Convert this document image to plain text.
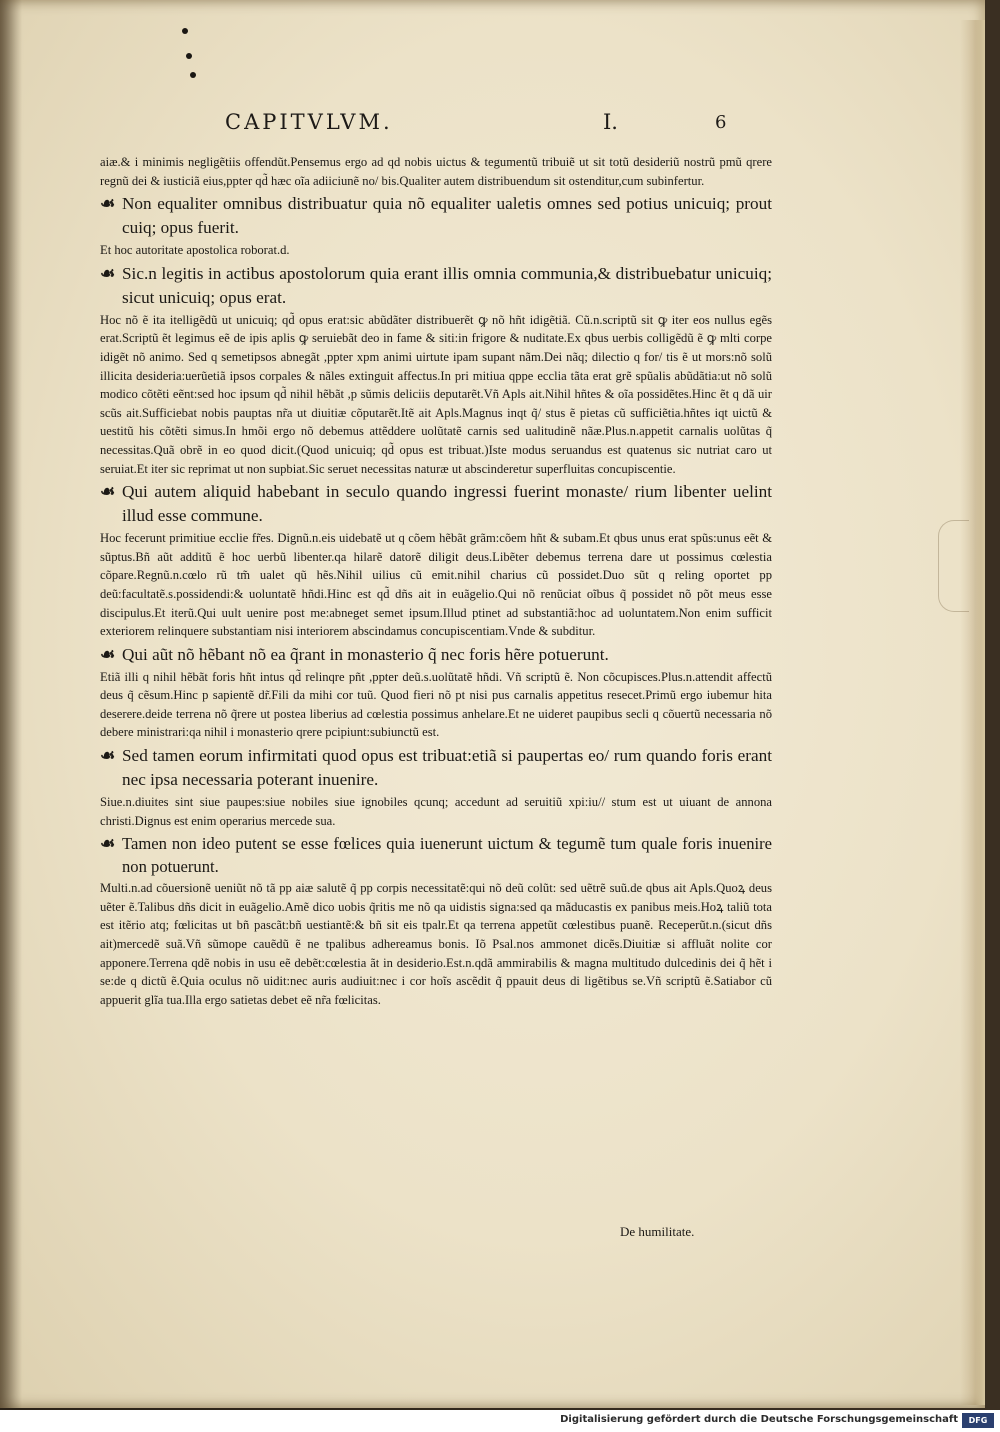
CAPITVLVM.	I.	6

aiæ.& i minimis negligẽtiis offendũt.Pensemus ergo ad qd nobis uictus & tegumentũ tribuiẽ ut sit totũ desideriũ nostrũ pmũ qrere regnũ dei & iusticiã eius,ppter qd̃ hæc oĩa adiiciunẽ no/ bis.Qualiter autem distribuendum sit ostenditur,cum subinfertur.

☙ Non equaliter omnibus distribuatur quia nõ equaliter ualetis omnes sed potius unicuiq; prout cuiq; opus fuerit.

Et hoc autoritate apostolica roborat.d.

☙ Sic.n legitis in actibus apostolorum quia erant illis omnia communia,& distribuebatur unicuiq; sicut unicuiq; opus erat.

Hoc nõ ẽ ita itelligẽdũ ut unicuiq; qd̃ opus erat:sic abũdãter distribuerẽt ꝙ nõ hñt idigẽtiã. Cũ.n.scriptũ sit ꝙ iter eos nullus egẽs erat.Scriptũ ẽt legimus eẽ de ipis aplis ꝙ seruiebãt deo in fame & siti:in frigore & nuditate.Ex qbus uerbis colligẽdũ ẽ ꝙ mlti corpe idigẽt nõ animo. Sed q semetipsos abnegãt ,ppter xpm animi uirtute ipam supant nãm.Dei nãq; dilectio q for/ tis ẽ ut mors:nõ solũ illicita desideria:uerũetiã ipsos corpales & nãles extinguit affectus.In pri mitiua qppe ecclia tãta erat grẽ spũalis abũdãtia:ut nõ solũ modico cõtẽti eẽnt:sed hoc ipsum qd̃ nihil hẽbãt ,p sũmis deliciis deputarẽt.Vñ Apls ait.Nihil hñtes & oĩa possidẽtes.Hinc ẽt q dã uir scũs ait.Sufficiebat nobis pauptas nr̃a ut diuitiæ cõputarẽt.Itẽ ait Apls.Magnus inqt q̃/ stus ẽ pietas cũ sufficiẽtia.hñtes iqt uictũ & uestitũ his cõtẽti simus.In hmõi ergo nõ debemus attẽddere uolũtatẽ carnis sed ualitudinẽ nãæ.Plus.n.appetit carnalis uolũtas q̃ necessitas.Quã obrẽ in eo quod dicit.(Quod unicuiq; qd̃ opus est tribuat.)Iste modus seruandus est quatenus sic nutriat caro ut seruiat.Et iter sic reprimat ut non supbiat.Sic seruet necessitas naturæ ut abscinderetur superfluitas concupiscentie.

☙ Qui autem aliquid habebant in seculo quando ingressi fuerint monaste/ rium libenter uelint illud esse commune.

Hoc fecerunt primitiue ecclie fr̃es. Dignũ.n.eis uidebatẽ ut q cõem hẽbãt grãm:cõem hñt & subam.Et qbus unus erat spũs:unus eẽt & sũptus.Bñ aũt additũ ẽ hoc uerbũ libenter.qa hilarẽ datorẽ diligit deus.Libẽter debemus terrena dare ut possimus cœlestia cõpare.Regnũ.n.cœlo rũ tm̃ ualet qũ hẽs.Nihil uilius cũ emit.nihil charius cũ possidet.Duo sũt q reling oportet pp deũ:facultatẽ.s.possidendi:& uoluntatẽ hñdi.Hinc est qd̃ dñs ait in euãgelio.Qui nõ renũciat oĩbus q̃ possidet nõ põt meus esse discipulus.Et iterũ.Qui uult uenire post me:abneget semet ipsum.Illud ptinet ad substantiã:hoc ad uoluntatem.Non enim sufficit exteriorem relinquere substantiam nisi interiorem abscindamus concupiscentiam.Vnde & subditur.

☙ Qui aũt nõ hẽbant nõ ea q̃rant in monasterio q̃ nec foris hẽre potuerunt.

Etiã illi q nihil hẽbãt foris hñt intus qd̃ relinqre pñt ,ppter deũ.s.uolũtatẽ hñdi. Vñ scriptũ ẽ. Non cõcupisces.Plus.n.attendit affectũ deus q̃ cẽsum.Hinc p sapientẽ dr̃.Fili da mihi cor tuũ. Quod fieri nõ pt nisi pus carnalis appetitus resecet.Primũ ergo iubemur hita deserere.deide terrena nõ q̃rere ut postea liberius ad cœlestia possimus anhelare.Et ne uideret paupibus secli q cõuertũ necessaria nõ debere ministrari:qa nihil i monasterio qrere pcipiunt:subiunctũ est.

☙ Sed tamen eorum infirmitati quod opus est tribuat:etiã si paupertas eo/ rum quando foris erant nec ipsa necessaria poterant inuenire.

Siue.n.diuites sint siue paupes:siue nobiles siue ignobiles qcunq; accedunt ad seruitiũ xpi:iu// stum est ut uiuant de annona christi.Dignus est enim operarius mercede sua.

☙ Tamen non ideo putent se esse fœlices quia iuenerunt uictum & tegumẽ tum quale foris inuenire non potuerunt.

Multi.n.ad cõuersionẽ ueniũt nõ tã pp aiæ salutẽ q̃ pp corpis necessitatẽ:qui nõ deũ colũt: sed uẽtrẽ suũ.de qbus ait Apls.Quoꝝ deus uẽter ẽ.Talibus dñs dicit in euãgelio.Amẽ dico uobis q̃ritis me nõ qa uidistis signa:sed qa mãducastis ex panibus meis.Hoꝝ taliũ tota est itẽrio atq; fœlicitas ut bñ pascãt:bñ uestiantẽ:& bñ sit eis tpalr.Et qa terrena appetũt cœlestibus puanẽ. Receperũt.n.(sicut dñs ait)mercedẽ suã.Vñ sũmope cauẽdũ ẽ ne tpalibus adhereamus bonis. Iõ Psal.nos ammonet dicẽs.Diuitiæ si affluãt nolite cor apponere.Terrena qdẽ nobis in usu eẽ debẽt:cœlestia ãt in desiderio.Est.n.qdã ammirabilis & magna multitudo dulcedinis dei q̃ hẽt i se:de q dictũ ẽ.Quia oculus nõ uidit:nec auris audiuit:nec i cor hoĩs ascẽdit q̃ ppauit deus di ligẽtibus se.Vñ scriptũ ẽ.Satiabor cũ appuerit glĩa tua.Illa ergo satietas debet eẽ nr̃a fœlicitas.

De humilitate.
Digitalisierung gefördert durch die Deutsche Forschungsgemeinschaft	DFG
